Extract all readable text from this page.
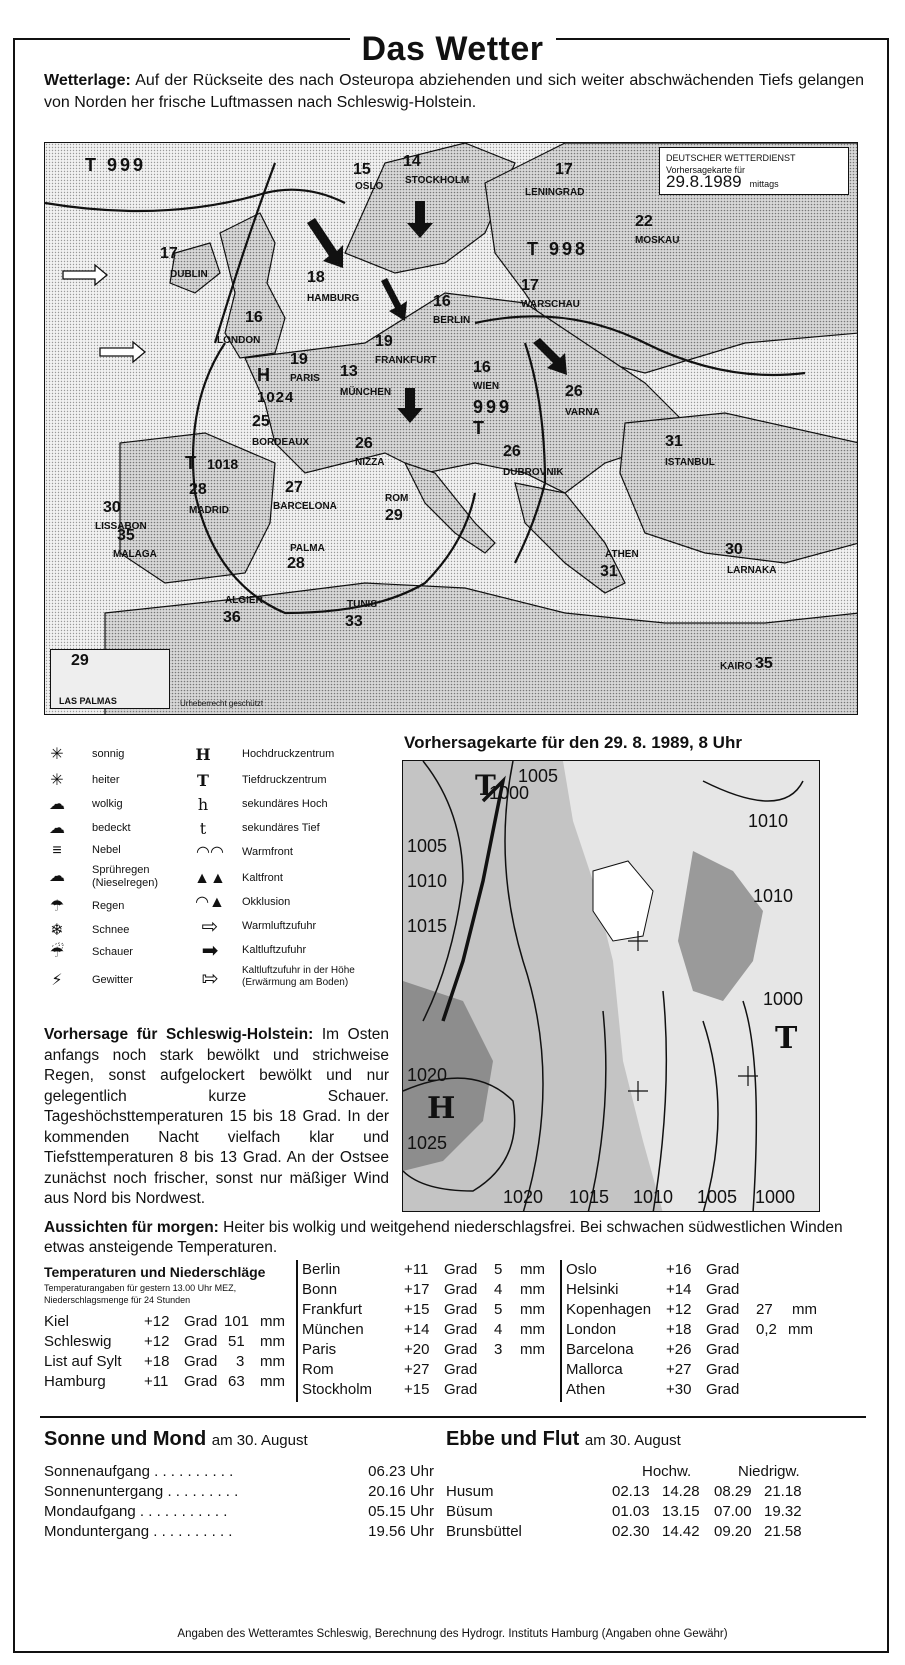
Das Wetter
Wetterlage: Auf der Rückseite des nach Osteuropa abziehenden und sich weiter abschwächenden Tiefs gelangen von Norden her frische Luftmassen nach Schleswig-Holstein.
DEUTSCHER WETTERDIENST
Vorhersagekarte für
29.8.1989 mittags
T 999
T 998
H
1024	999
T
T 1018
15
OSLO
14
STOCKHOLM
17
LENINGRAD
22
MOSKAU
17
DUBLIN	18
HAMBURG	16
BERLIN
17
WARSCHAU
16
LONDON	19
FRANKFURT
19
PARIS 13
MÜNCHEN
16
WIEN	26
VARNA
25
BORDEAUX	26
NIZZA
26
DUBROVNIK
31
ISTANBUL
28
MADRID
27
BARCELONA
29
ROM
30
LISSABON
35
MALAGA
28
PALMA
31
ATHEN	30
LARNAKA
36
ALGIER
33
TUNIS
KAIRO 35
29
LAS PALMAS	Urheberrecht geschützt
✳	sonnig
✳	heiter
☁	wolkig
☁	bedeckt
≡	Nebel
☁	Sprühregen
(Nieselregen)
☂	Regen
❄	Schnee
☔	Schauer
⚡	Gewitter
H	Hochdruckzentrum
T	Tiefdruckzentrum
h	sekundäres Hoch
t	sekundäres Tief
◠◠	Warmfront
▲▲	Kaltfront
◠▲	Okklusion
⇨	Warmluftzufuhr
➡	Kaltluftzufuhr
⇰	Kaltluftzufuhr in der Höhe
(Erwärmung am Boden)
Vorhersagekarte für den 29. 8. 1989, 8 Uhr
T
T
H
1005
1000
1010
1005
1010
1015
1010
1000
1020
1025
1020 1015 1010 1005 1000
Vorhersage für Schleswig-Holstein: Im Osten anfangs noch stark bewölkt und strichweise Regen, sonst aufgelockert bewölkt und nur gelegentlich kurze Schauer. Tageshöchsttemperaturen 15 bis 18 Grad. In der kommenden Nacht vielfach klar und Tiefsttemperaturen 8 bis 13 Grad. An der Ostsee zunächst noch frischer, sonst nur mäßiger Wind aus Nord bis Nordwest.
Aussichten für morgen: Heiter bis wolkig und weitgehend niederschlagsfrei. Bei schwachen südwestlichen Winden etwas ansteigende Temperaturen.
Temperaturen und Niederschläge
Temperaturangaben für gestern 13.00 Uhr MEZ,
Niederschlagsmenge für 24 Stunden
Kiel	+12 Grad 101 mm
Schleswig +12 Grad 51 mm
List auf Sylt +18 Grad 3 mm
Hamburg	+11 Grad 63 mm
Berlin	+11 Grad 5 mm
Bonn	+17 Grad 4 mm
Frankfurt	+15 Grad 5 mm
München	+14 Grad 4 mm
Paris	+20 Grad 3 mm
Rom	+27 Grad
Stockholm +15 Grad
Oslo	+16 Grad
Helsinki	+14 Grad
Kopenhagen +12 Grad 27 mm
London	+18 Grad 0,2 mm
Barcelona +26 Grad
Mallorca	+27 Grad
Athen	+30 Grad
Sonne und Mond am 30. August
Sonnenaufgang . . . . . . . . . .	06.23 Uhr
Sonnenuntergang . . . . . . . . .	20.16 Uhr
Mondaufgang . . . . . . . . . . .	05.15 Uhr
Monduntergang . . . . . . . . . .	19.56 Uhr
Ebbe und Flut am 30. August
Hochw.	Niedrigw.
Husum	02.13 14.28 08.29 21.18
Büsum	01.03 13.15 07.00 19.32
Brunsbüttel	02.30 14.42 09.20 21.58
Angaben des Wetteramtes Schleswig, Berechnung des Hydrogr. Instituts Hamburg (Angaben ohne Gewähr)
